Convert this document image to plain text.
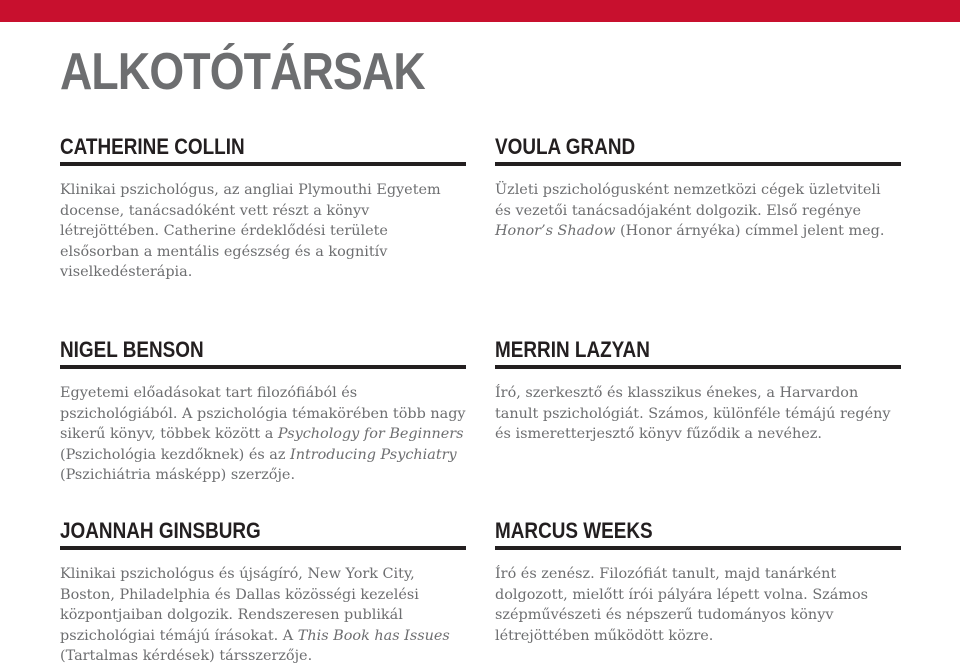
ALKOTÓTÁRSAK
CATHERINE COLLIN

Klinikai pszichológus, az angliai Plymouthi Egyetem docense, tanácsadóként vett részt a könyv létrejöttében. Catherine érdeklődési területe elsősorban a mentális egészség és a kognitív viselkedésterápia.

VOULA GRAND

Üzleti pszichológusként nemzetközi cégek üzletviteli és vezetői tanácsadójaként dolgozik. Első regénye Honor’s Shadow (Honor árnyéka) címmel jelent meg.

NIGEL BENSON

Egyetemi előadásokat tart filozófiából és pszichológiából. A pszichológia témakörében több nagy sikerű könyv, többek között a Psychology for Beginners (Pszichológia kezdőknek) és az Introducing Psychiatry (Pszichiátria másképp) szerzője.

MERRIN LAZYAN

Író, szerkesztő és klasszikus énekes, a Harvardon tanult pszichológiát. Számos, különféle témájú regény és ismeretterjesztő könyv fűződik a nevéhez.

JOANNAH GINSBURG

Klinikai pszichológus és újságíró, New York City, Boston, Philadelphia és Dallas közösségi kezelési központjaiban dolgozik. Rendszeresen publikál pszichológiai témájú írásokat. A This Book has Issues (Tartalmas kérdések) társszerzője.

MARCUS WEEKS

Író és zenész. Filozófiát tanult, majd tanárként dolgozott, mielőtt írói pályára lépett volna. Számos szépművészeti és népszerű tudományos könyv létrejöttében működött közre.
